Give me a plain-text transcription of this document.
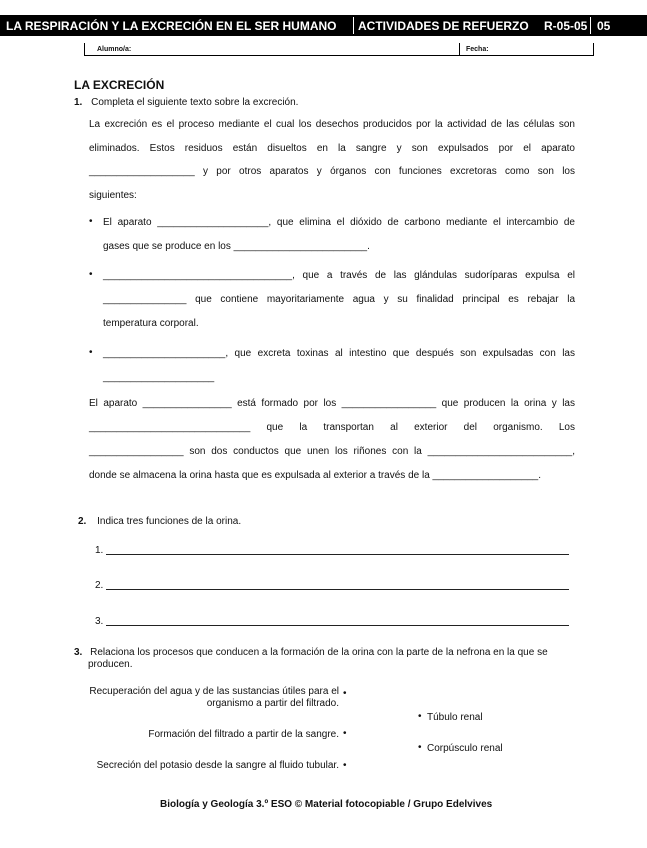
LA RESPIRACIÓN Y LA EXCRECIÓN EN EL SER HUMANO ACTIVIDADES DE REFUERZO R-05-05 05
Alumno/a:	Fecha:
LA EXCRECIÓN
1. Completa el siguiente texto sobre la excreción.
La excreción es el proceso mediante el cual los desechos producidos por la actividad de las células son
eliminados. Estos residuos están disueltos en la sangre y son expulsados por el aparato
___________________ y por otros aparatos y órganos con funciones excretoras como son los
siguientes:
• El aparato ____________________, que elimina el dióxido de carbono mediante el intercambio de
gases que se produce en los ________________________.
• __________________________________, que a través de las glándulas sudoríparas expulsa el
_______________ que contiene mayoritariamente agua y su finalidad principal es rebajar la
temperatura corporal.
• ______________________, que excreta toxinas al intestino que después son expulsadas con las
____________________
El aparato ________________ está formado por los _________________ que producen la orina y las
_____________________________ que la transportan al exterior del organismo. Los
_________________ son dos conductos que unen los riñones con la __________________________,
donde se almacena la orina hasta que es expulsada al exterior a través de la ___________________.
2. Indica tres funciones de la orina.
1.
2.
3.
3. Relaciona los procesos que conducen a la formación de la orina con la parte de la nefrona en la que se
producen.
Recuperación del agua y de las sustancias útiles para el
organismo a partir del filtrado.
•
Formación del filtrado a partir de la sangre. •
Secreción del potasio desde la sangre al fluido tubular. •
• Túbulo renal
• Corpúsculo renal
Biología y Geología 3.º ESO © Material fotocopiable / Grupo Edelvives
